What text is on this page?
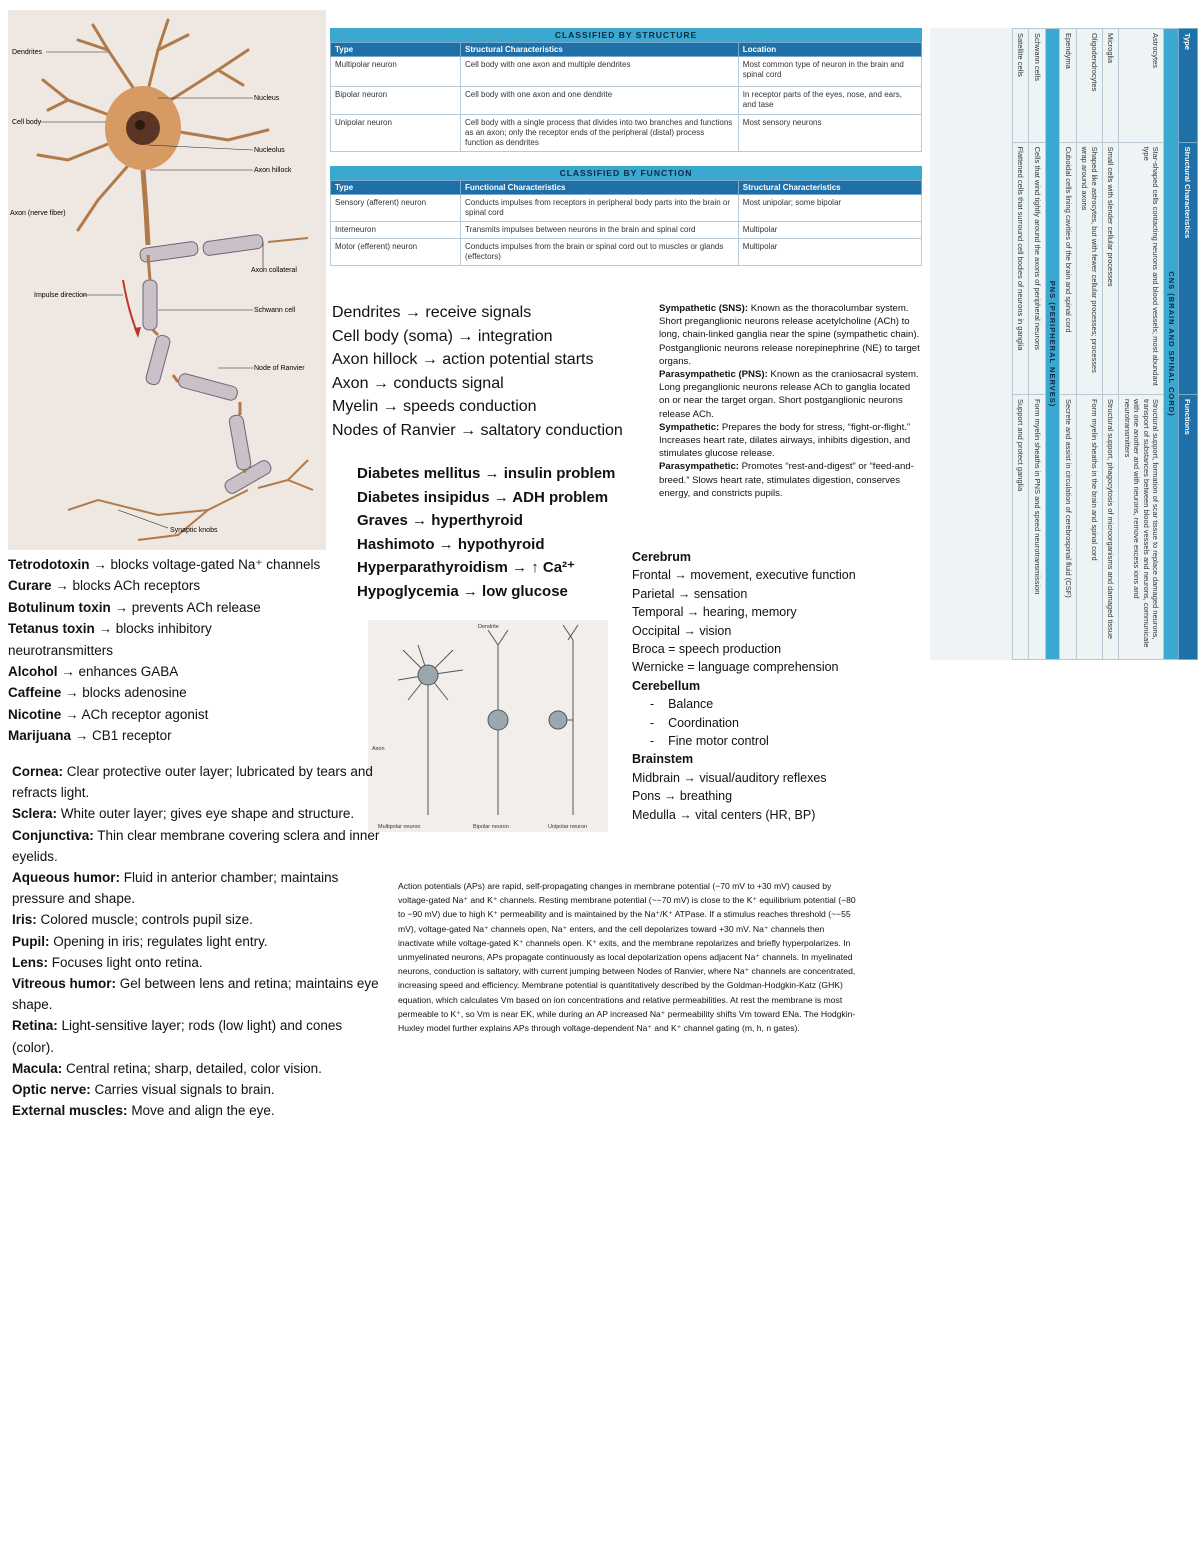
Dendrites
Nucleus
Cell body
Nucleolus
Axon hillock
Axon (nerve fiber)
Axon collateral
Impulse direction
Schwann cell
Node of Ranvier
Synaptic knobs
CLASSIFIED BY STRUCTURE
Type	Structural Characteristics	Location
Multipolar neuron	Cell body with one axon and multiple dendrites	Most common type of neuron in the brain and spinal cord
Bipolar neuron	Cell body with one axon and one dendrite	In receptor parts of the eyes, nose, and ears, and tase
Unipolar neuron	Cell body with a single process that divides into two branches and functions as an axon; only the receptor ends of the peripheral (distal) process function as dendrites	Most sensory neurons
CLASSIFIED BY FUNCTION
Type	Functional Characteristics	Structural Characteristics
Sensory (afferent) neuron	Conducts impulses from receptors in peripheral body parts into the brain or spinal cord	Most unipolar; some bipolar
Interneuron	Transmits impulses between neurons in the brain and spinal cord	Multipolar
Motor (efferent) neuron	Conducts impulses from the brain or spinal cord out to muscles or glands (effectors)	Multipolar
Dendrites → receive signals
Cell body (soma) → integration
Axon hillock → action potential starts
Axon → conducts signal
Myelin → speeds conduction
Nodes of Ranvier → saltatory conduction
Diabetes mellitus → insulin problem
Diabetes insipidus → ADH problem
Graves → hyperthyroid
Hashimoto → hypothyroid
Hyperparathyroidism → ↑ Ca²⁺
Hypoglycemia → low glucose
Sympathetic (SNS): Known as the thoracolumbar system. Short preganglionic neurons release acetylcholine (ACh) to long, chain-linked ganglia near the spine (sympathetic chain). Postganglionic neurons release norepinephrine (NE) to target organs.
Parasympathetic (PNS): Known as the craniosacral system. Long preganglionic neurons release ACh to ganglia located on or near the target organ. Short postganglionic neurons release ACh.
Sympathetic: Prepares the body for stress, “fight-or-flight.” Increases heart rate, dilates airways, inhibits digestion, and stimulates glucose release.
Parasympathetic: Promotes “rest-and-digest” or “feed-and-breed.” Slows heart rate, stimulates digestion, conserves energy, and constricts pupils.
Tetrodotoxin → blocks voltage-gated Na⁺ channels
Curare → blocks ACh receptors
Botulinum toxin → prevents ACh release
Tetanus toxin → blocks inhibitory neurotransmitters
Alcohol → enhances GABA
Caffeine → blocks adenosine
Nicotine → ACh receptor agonist
Marijuana → CB1 receptor
Dendrite
Axon
Multipolar neuron	Bipolar neuron	Unipolar neuron
Cerebrum
Frontal → movement, executive function
Parietal → sensation
Temporal → hearing, memory
Occipital → vision
Broca = speech production
Wernicke = language comprehension
Cerebellum
-    Balance
-    Coordination
-    Fine motor control
Brainstem
Midbrain → visual/auditory reflexes
Pons → breathing
Medulla → vital centers (HR, BP)
Cornea: Clear protective outer layer; lubricated by tears and refracts light.
Sclera: White outer layer; gives eye shape and structure.
Conjunctiva: Thin clear membrane covering sclera and inner eyelids.
Aqueous humor: Fluid in anterior chamber; maintains pressure and shape.
Iris: Colored muscle; controls pupil size.
Pupil: Opening in iris; regulates light entry.
Lens: Focuses light onto retina.
Vitreous humor: Gel between lens and retina; maintains eye shape.
Retina: Light-sensitive layer; rods (low light) and cones (color).
Macula: Central retina; sharp, detailed, color vision.
Optic nerve: Carries visual signals to brain.
External muscles: Move and align the eye.
Action potentials (APs) are rapid, self-propagating changes in membrane potential (−70 mV to +30 mV) caused by voltage-gated Na⁺ and K⁺ channels. Resting membrane potential (~−70 mV) is close to the K⁺ equilibrium potential (−80 to −90 mV) due to high K⁺ permeability and is maintained by the Na⁺/K⁺ ATPase. If a stimulus reaches threshold (~−55 mV), voltage-gated Na⁺ channels open, Na⁺ enters, and the cell depolarizes toward +30 mV. Na⁺ channels then inactivate while voltage-gated K⁺ channels open. K⁺ exits, and the membrane repolarizes and briefly hyperpolarizes. In unmyelinated neurons, APs propagate continuously as local depolarization opens adjacent Na⁺ channels. In myelinated neurons, conduction is saltatory, with current jumping between Nodes of Ranvier, where Na⁺ channels are concentrated, increasing speed and efficiency. Membrane potential is quantitatively described by the Goldman-Hodgkin-Katz (GHK) equation, which calculates Vm based on ion concentrations and relative permeabilities. At rest the membrane is most permeable to K⁺, so Vm is near EK, while during an AP increased Na⁺ permeability shifts Vm toward ENa. The Hodgkin-Huxley model further explains APs through voltage-dependent Na⁺ and K⁺ channel gating (m, h, n gates).
Type	Structural Characteristics	Functions
CNS (BRAIN AND SPINAL CORD)		
Astrocytes	Star-shaped cells contacting neurons and blood vessels; most abundant type	Structural support, formation of scar tissue to replace damaged neurons, transport of substances between blood vessels and neurons, communicate with one another and with neurons, remove excess ions and neurotransmitters
Microglia	Small cells with slender cellular processes	Structural support, phagocytosis of microorganisms and damaged tissue
Oligodendrocytes	Shaped like astrocytes, but with fewer cellular processes; processes wrap around axons	Form myelin sheaths in the brain and spinal cord
Ependyma	Cuboidal cells lining cavities of the brain and spinal cord	Secrete and assist in circulation of cerebrospinal fluid (CSF)
PNS (PERIPHERAL NERVES)		
Schwann cells	Cells that wind tightly around the axons of peripheral neurons	Form myelin sheaths in PNS and speed neurotransmission
Satellite cells	Flattened cells that surround cell bodies of neurons in ganglia	Support and protect ganglia
